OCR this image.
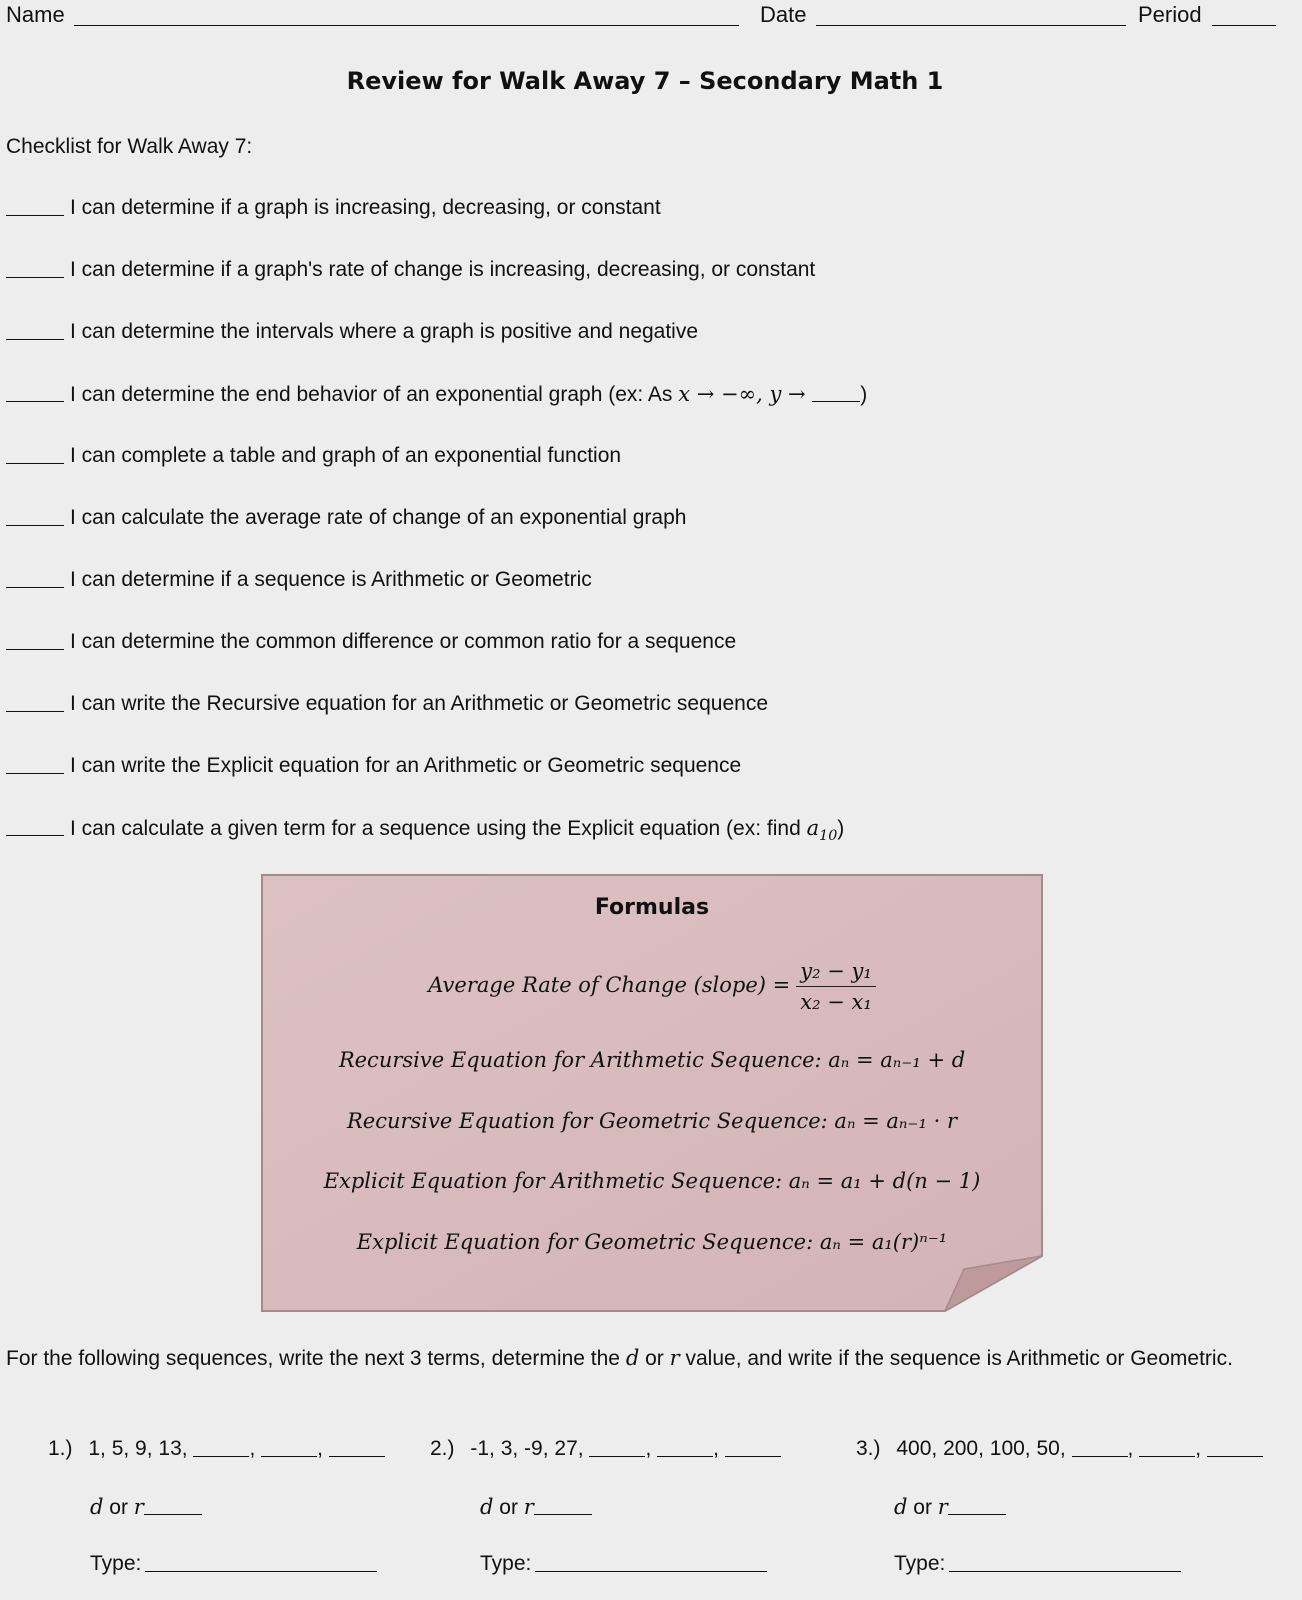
Name	Date	Period
Review for Walk Away 7 – Secondary Math 1
Checklist for Walk Away 7:
I can determine if a graph is increasing, decreasing, or constant
I can determine if a graph's rate of change is increasing, decreasing, or constant
I can determine the intervals where a graph is positive and negative
I can determine the end behavior of an exponential graph (ex: As x → −∞, y → )
I can complete a table and graph of an exponential function
I can calculate the average rate of change of an exponential graph
I can determine if a sequence is Arithmetic or Geometric
I can determine the common difference or common ratio for a sequence
I can write the Recursive equation for an Arithmetic or Geometric sequence
I can write the Explicit equation for an Arithmetic or Geometric sequence
I can calculate a given term for a sequence using the Explicit equation (ex: find $a_{10}$)
Formulas
Average Rate of Change (slope) = $\frac{\text{y₂ − y₁}}{\text{x₂ − x₁}}$
Recursive Equation for Arithmetic Sequence: aₙ = aₙ₋₁ + d
Recursive Equation for Geometric Sequence: aₙ = aₙ₋₁ · r
Explicit Equation for Arithmetic Sequence: aₙ = a₁ + d(n − 1)
Explicit Equation for Geometric Sequence: aₙ = a₁(r)ⁿ⁻¹
For the following sequences, write the next 3 terms, determine the d or r value, and write if the sequence is Arithmetic or Geometric.
1.) 1, 5, 9, 13,	,	,
d or r
Type:
2.) -1, 3, -9, 27,	,	,
d or r
Type:
3.) 400, 200, 100, 50,	,	,
d or r
Type:
